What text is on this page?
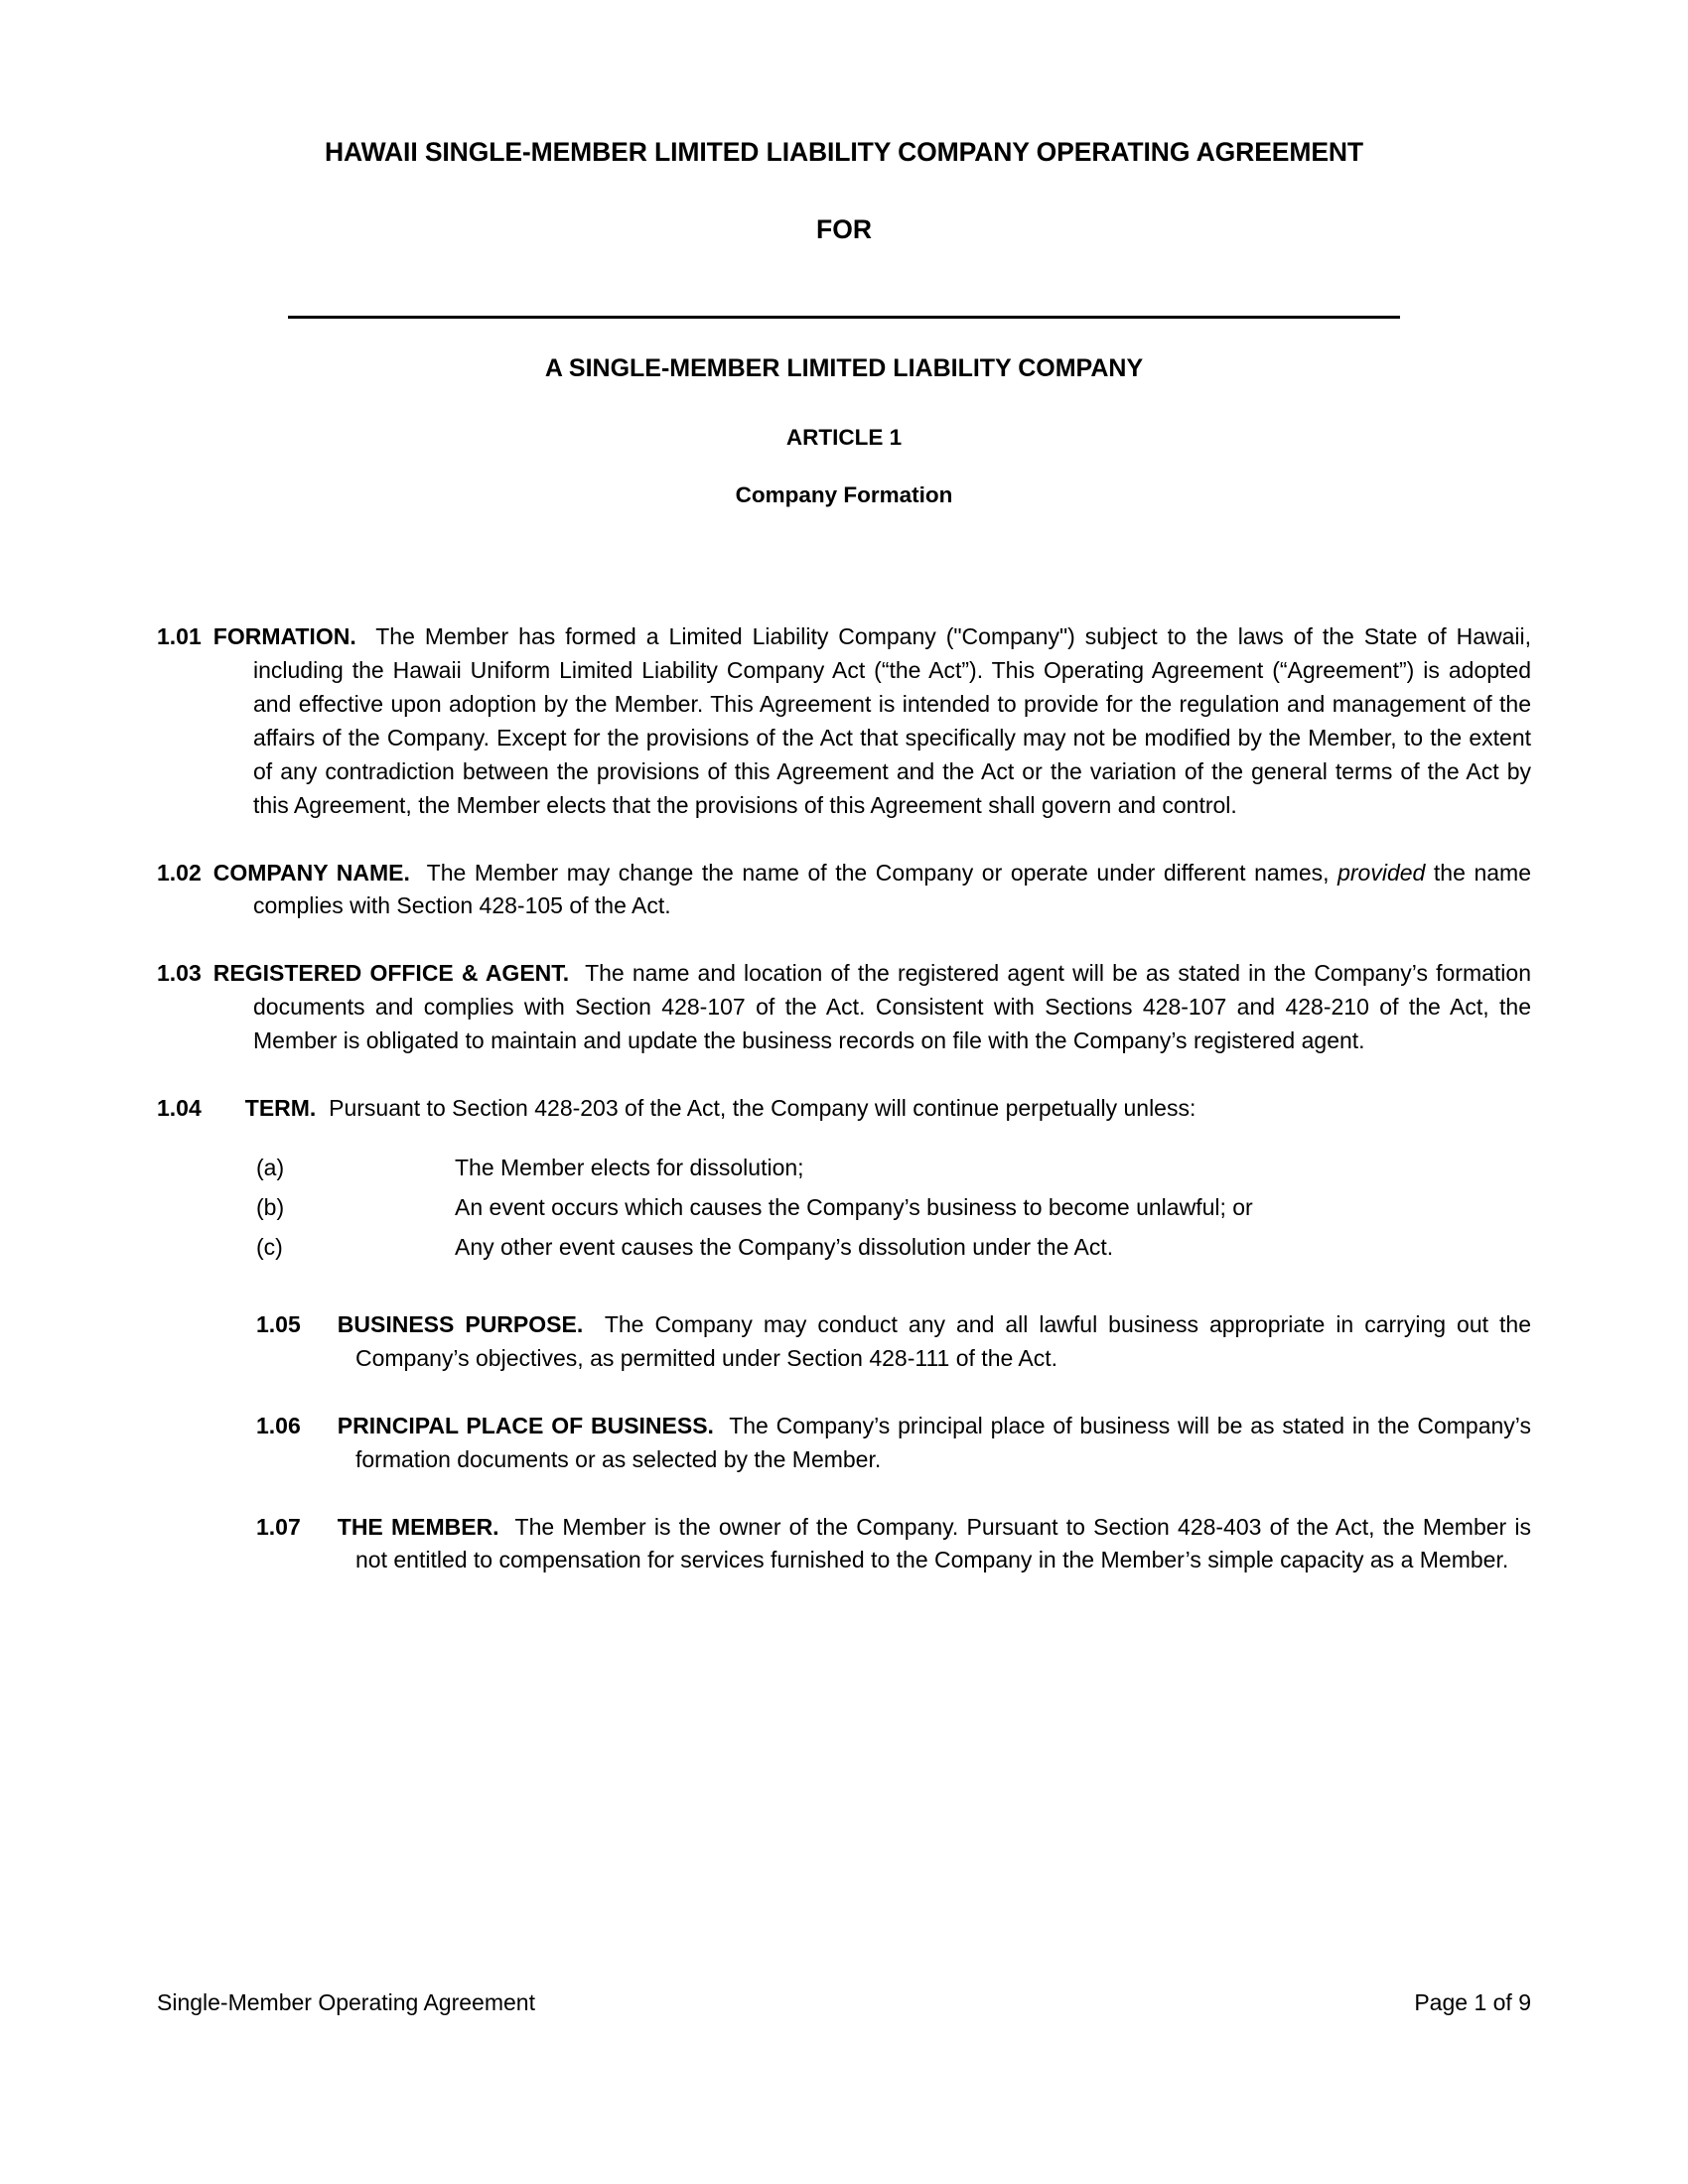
HAWAII SINGLE-MEMBER LIMITED LIABILITY COMPANY OPERATING AGREEMENT
FOR
A SINGLE-MEMBER LIMITED LIABILITY COMPANY
ARTICLE 1
Company Formation

1.01 FORMATION. The Member has formed a Limited Liability Company ("Company") subject to the laws of the State of Hawaii, including the Hawaii Uniform Limited Liability Company Act (“the Act”). This Operating Agreement (“Agreement”) is adopted and effective upon adoption by the Member. This Agreement is intended to provide for the regulation and management of the affairs of the Company. Except for the provisions of the Act that specifically may not be modified by the Member, to the extent of any contradiction between the provisions of this Agreement and the Act or the variation of the general terms of the Act by this Agreement, the Member elects that the provisions of this Agreement shall govern and control.

1.02 COMPANY NAME. The Member may change the name of the Company or operate under different names, provided the name complies with Section 428-105 of the Act.

1.03 REGISTERED OFFICE & AGENT. The name and location of the registered agent will be as stated in the Company’s formation documents and complies with Section 428-107 of the Act. Consistent with Sections 428-107 and 428-210 of the Act, the Member is obligated to maintain and update the business records on file with the Company’s registered agent.

1.04 TERM. Pursuant to Section 428-203 of the Act, the Company will continue perpetually unless:

(a)	The Member elects for dissolution;
(b)	An event occurs which causes the Company’s business to become unlawful; or
(c)	Any other event causes the Company’s dissolution under the Act.

1.05 BUSINESS PURPOSE. The Company may conduct any and all lawful business appropriate in carrying out the Company’s objectives, as permitted under Section 428-111 of the Act.

1.06 PRINCIPAL PLACE OF BUSINESS. The Company’s principal place of business will be as stated in the Company’s formation documents or as selected by the Member.

1.07 THE MEMBER. The Member is the owner of the Company. Pursuant to Section 428-403 of the Act, the Member is not entitled to compensation for services furnished to the Company in the Member’s simple capacity as a Member.

Single-Member Operating Agreement	Page 1 of 9
